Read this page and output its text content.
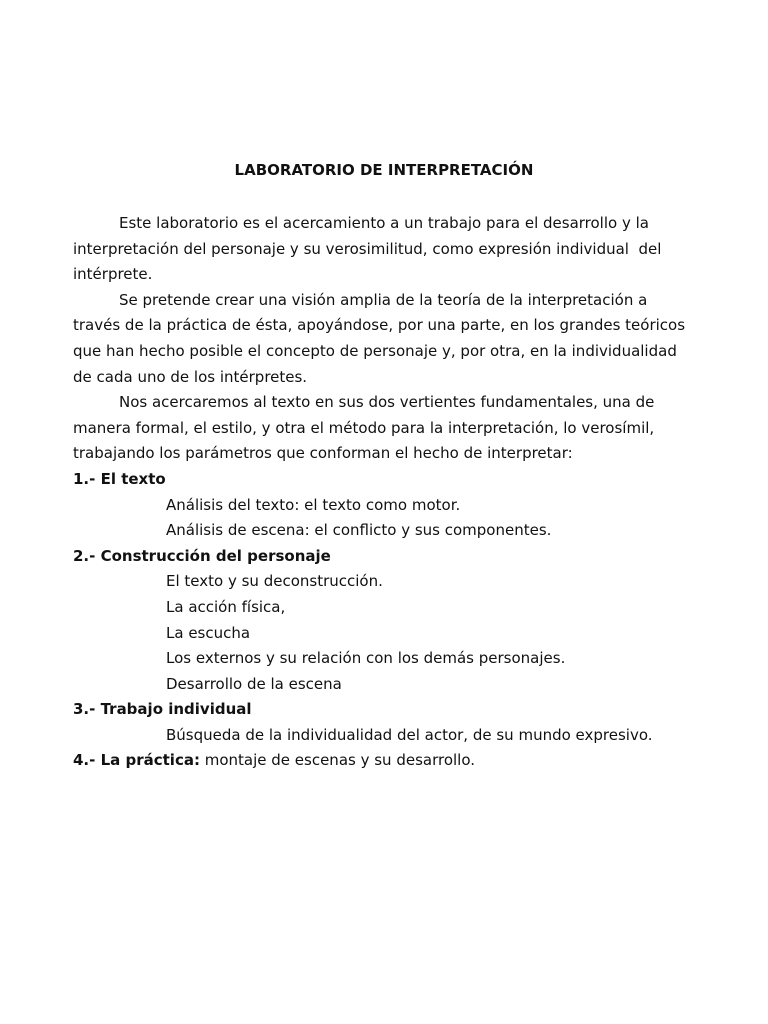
LABORATORIO DE INTERPRETACIÓN

Este laboratorio es el acercamiento a un trabajo para el desarrollo y la interpretación del personaje y su verosimilitud, como expresión individual  del intérprete.

Se pretende crear una visión amplia de la teoría de la interpretación a través de la práctica de ésta, apoyándose, por una parte, en los grandes teóricos que han hecho posible el concepto de personaje y, por otra, en la individualidad de cada uno de los intérpretes.

Nos acercaremos al texto en sus dos vertientes fundamentales, una de manera formal, el estilo, y otra el método para la interpretación, lo verosímil, trabajando los parámetros que conforman el hecho de interpretar:

1.- El texto

Análisis del texto: el texto como motor.

Análisis de escena: el conflicto y sus componentes.

2.- Construcción del personaje

El texto y su deconstrucción.

La acción física,

La escucha

Los externos y su relación con los demás personajes.

Desarrollo de la escena

3.- Trabajo individual

Búsqueda de la individualidad del actor, de su mundo expresivo.

4.- La práctica: montaje de escenas y su desarrollo.
